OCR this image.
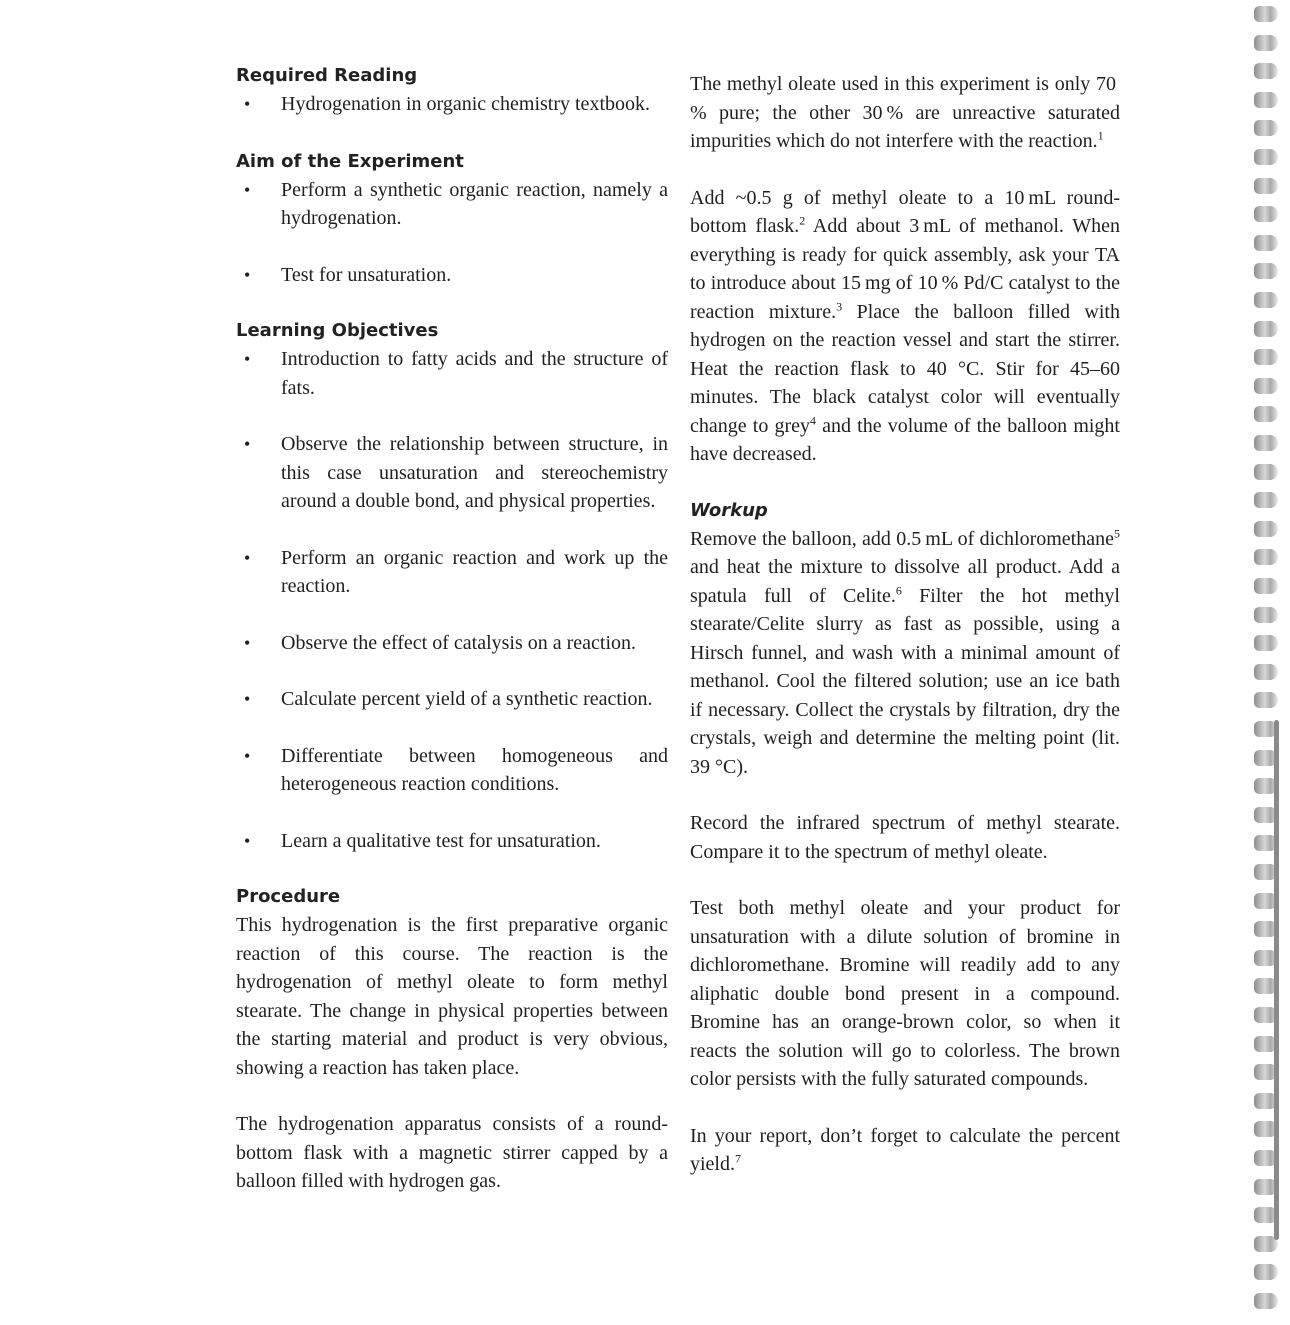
Required Reading
• Hydrogenation in organic chemistry textbook.
Aim of the Experiment
• Perform a synthetic organic reaction, namely a hydrogenation.
• Test for unsaturation.
Learning Objectives
• Introduction to fatty acids and the structure of fats.
• Observe the relationship between structure, in this case unsaturation and stereochemistry around a double bond, and physical properties.
• Perform an organic reaction and work up the reaction.
• Observe the effect of catalysis on a reaction.
• Calculate percent yield of a synthetic reaction.
• Differentiate between homogeneous and heterogeneous reaction conditions.
• Learn a qualitative test for unsaturation.
Procedure

This hydrogenation is the first preparative organic reaction of this course. The reaction is the hydrogenation of methyl oleate to form methyl stearate. The change in physical properties between the starting material and product is very obvious, showing a reaction has taken place.

The hydrogenation apparatus consists of a round-bottom flask with a magnetic stirrer capped by a balloon filled with hydrogen gas.

The methyl oleate used in this experiment is only 70 % pure; the other 30 % are unreactive saturated impurities which do not interfere with the reaction.$^1$

Add ~0.5 g of methyl oleate to a 10 mL round-bottom flask.$^2$ Add about 3 mL of methanol. When everything is ready for quick assembly, ask your TA to introduce about 15 mg of 10 % Pd/C catalyst to the reaction mixture.$^3$ Place the balloon filled with hydrogen on the reaction vessel and start the stirrer. Heat the reaction flask to 40 °C. Stir for 45–60 minutes. The black catalyst color will eventually change to grey$^4$ and the volume of the balloon might have decreased.

Workup

Remove the balloon, add 0.5 mL of dichloromethane$^5$ and heat the mixture to dissolve all product. Add a spatula full of Celite.$^6$ Filter the hot methyl stearate/Celite slurry as fast as possible, using a Hirsch funnel, and wash with a minimal amount of methanol. Cool the filtered solution; use an ice bath if necessary. Collect the crystals by filtration, dry the crystals, weigh and determine the melting point (lit. 39 °C).

Record the infrared spectrum of methyl stearate. Compare it to the spectrum of methyl oleate.

Test both methyl oleate and your product for unsaturation with a dilute solution of bromine in dichloromethane. Bromine will readily add to any aliphatic double bond present in a compound. Bromine has an orange-brown color, so when it reacts the solution will go to colorless. The brown color persists with the fully saturated compounds.

In your report, don’t forget to calculate the percent yield.$^7$
